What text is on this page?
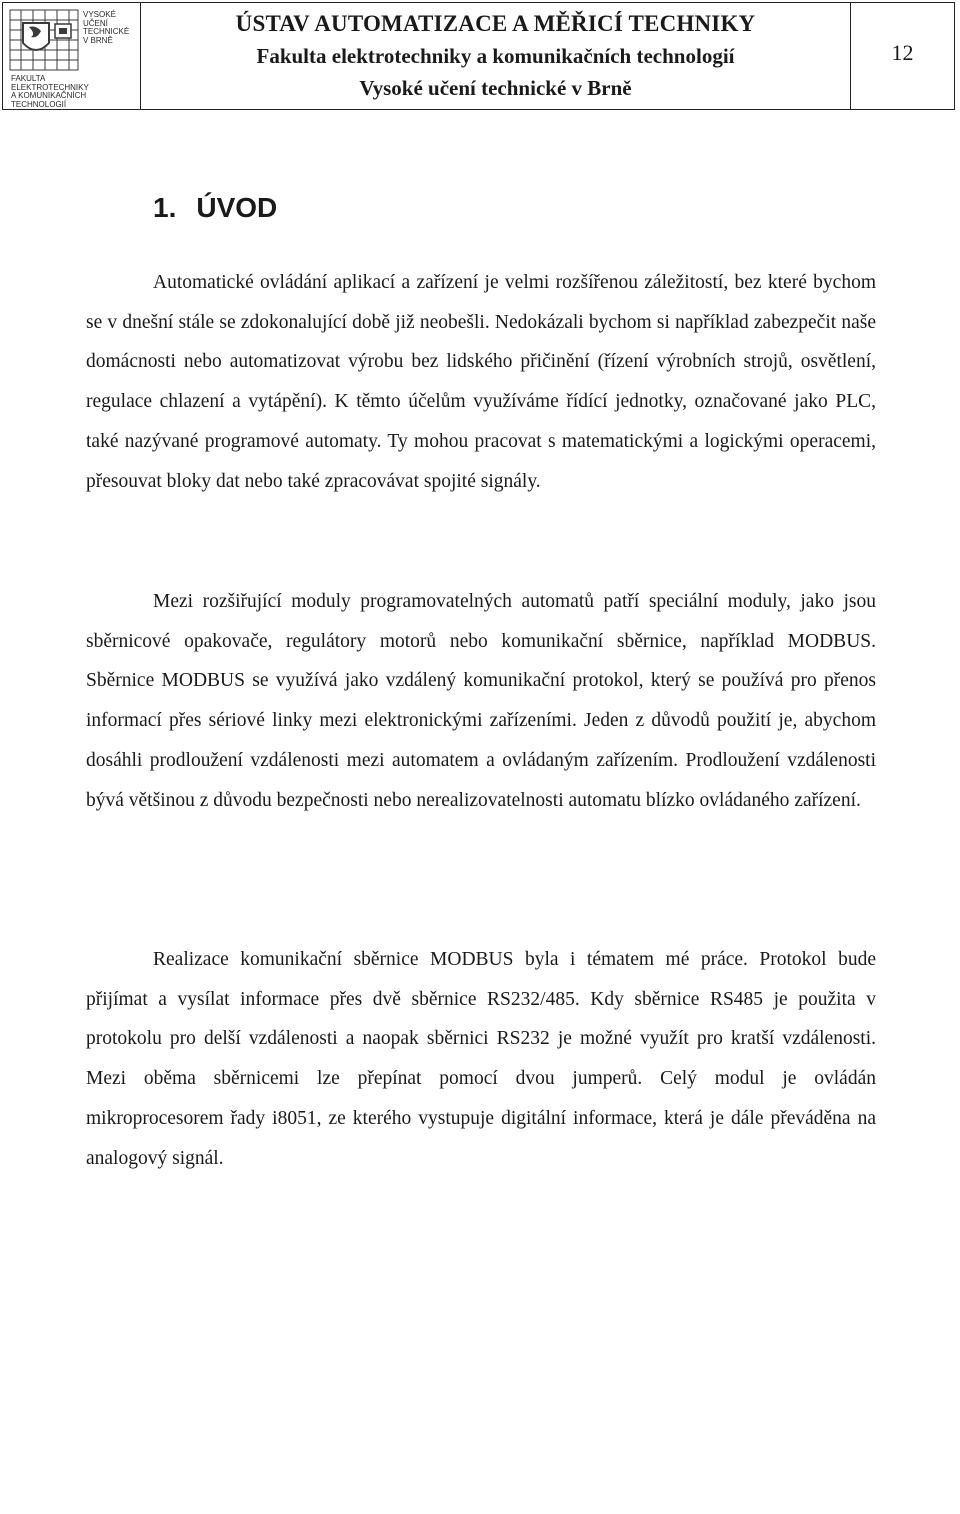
VYSOKÉ
UČENÍ
TECHNICKÉ
V BRNĚ
FAKULTA
ELEKTROTECHNIKY
A KOMUNIKAČNÍCH
TECHNOLOGIÍ
ÚSTAV AUTOMATIZACE A MĚŘICÍ TECHNIKY
Fakulta elektrotechniky a komunikačních technologií
Vysoké učení technické v Brně
12
1. ÚVOD

Automatické ovládání aplikací a zařízení je velmi rozšířenou záležitostí, bez které bychom se v dnešní stále se zdokonalující době již neobešli. Nedokázali bychom si například zabezpečit naše domácnosti nebo automatizovat výrobu bez lidského přičinění (řízení výrobních strojů, osvětlení, regulace chlazení a vytápění). K těmto účelům využíváme řídící jednotky, označované jako PLC, také nazývané programové automaty. Ty mohou pracovat s matematickými a logickými operacemi, přesouvat bloky dat nebo také zpracovávat spojité signály.

Mezi rozšiřující moduly programovatelných automatů patří speciální moduly, jako jsou sběrnicové opakovače, regulátory motorů nebo komunikační sběrnice, například MODBUS. Sběrnice MODBUS se využívá jako vzdálený komunikační protokol, který se používá pro přenos informací přes sériové linky mezi elektronickými zařízeními. Jeden z důvodů použití je, abychom dosáhli prodloužení vzdálenosti mezi automatem a ovládaným zařízením. Prodloužení vzdálenosti bývá většinou z důvodu bezpečnosti nebo nerealizovatelnosti automatu blízko ovládaného zařízení.

Realizace komunikační sběrnice MODBUS byla i tématem mé práce. Protokol bude přijímat a vysílat informace přes dvě sběrnice RS232/485. Kdy sběrnice RS485 je použita v protokolu pro delší vzdálenosti a naopak sběrnici RS232 je možné využít pro kratší vzdálenosti. Mezi oběma sběrnicemi lze přepínat pomocí dvou jumperů. Celý modul je ovládán mikroprocesorem řady i8051, ze kterého vystupuje digitální informace, která je dále převáděna na analogový signál.
